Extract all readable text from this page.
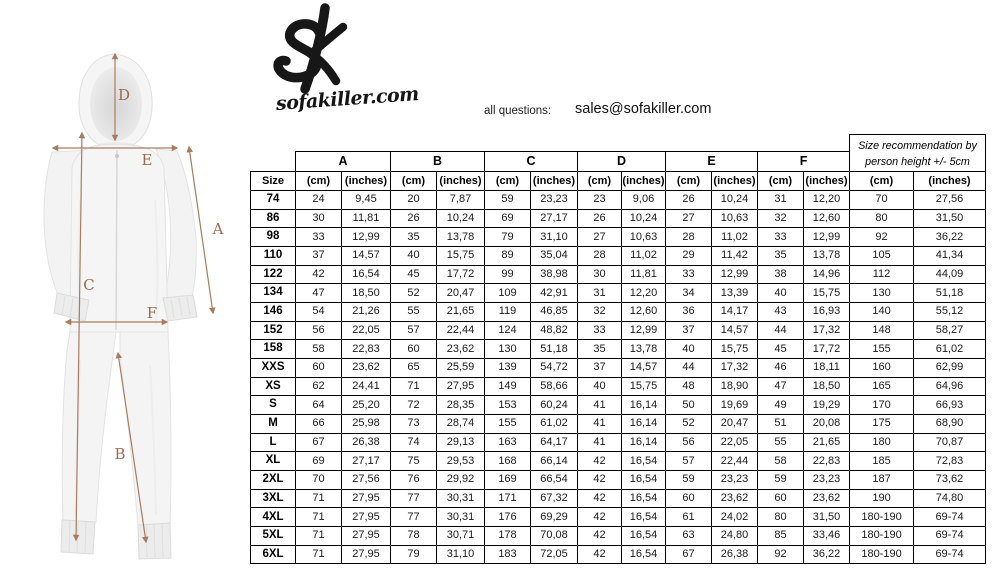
D
E
A
C
F
B
sofakiller.com	all questions: sales@sofakiller.com
Size recommendation by person height +/- 5cm
	A		B		C		D		E		F			
Size	(cm)	(inches)	(cm)	(inches)	(cm)	(inches)	(cm)	(inches)	(cm)	(inches)	(cm)	(inches)	(cm)	(inches)
74	24	9,45	20	7,87	59	23,23	23	9,06	26	10,24	31	12,20	70	27,56
86	30	11,81	26	10,24	69	27,17	26	10,24	27	10,63	32	12,60	80	31,50
98	33	12,99	35	13,78	79	31,10	27	10,63	28	11,02	33	12,99	92	36,22
110	37	14,57	40	15,75	89	35,04	28	11,02	29	11,42	35	13,78	105	41,34
122	42	16,54	45	17,72	99	38,98	30	11,81	33	12,99	38	14,96	112	44,09
134	47	18,50	52	20,47	109	42,91	31	12,20	34	13,39	40	15,75	130	51,18
146	54	21,26	55	21,65	119	46,85	32	12,60	36	14,17	43	16,93	140	55,12
152	56	22,05	57	22,44	124	48,82	33	12,99	37	14,57	44	17,32	148	58,27
158	58	22,83	60	23,62	130	51,18	35	13,78	40	15,75	45	17,72	155	61,02
XXS	60	23,62	65	25,59	139	54,72	37	14,57	44	17,32	46	18,11	160	62,99
XS	62	24,41	71	27,95	149	58,66	40	15,75	48	18,90	47	18,50	165	64,96
S	64	25,20	72	28,35	153	60,24	41	16,14	50	19,69	49	19,29	170	66,93
M	66	25,98	73	28,74	155	61,02	41	16,14	52	20,47	51	20,08	175	68,90
L	67	26,38	74	29,13	163	64,17	41	16,14	56	22,05	55	21,65	180	70,87
XL	69	27,17	75	29,53	168	66,14	42	16,54	57	22,44	58	22,83	185	72,83
2XL	70	27,56	76	29,92	169	66,54	42	16,54	59	23,23	59	23,23	187	73,62
3XL	71	27,95	77	30,31	171	67,32	42	16,54	60	23,62	60	23,62	190	74,80
4XL	71	27,95	77	30,31	176	69,29	42	16,54	61	24,02	80	31,50	180-190	69-74
5XL	71	27,95	78	30,71	178	70,08	42	16,54	63	24,80	85	33,46	180-190	69-74
6XL	71	27,95	79	31,10	183	72,05	42	16,54	67	26,38	92	36,22	180-190	69-74
